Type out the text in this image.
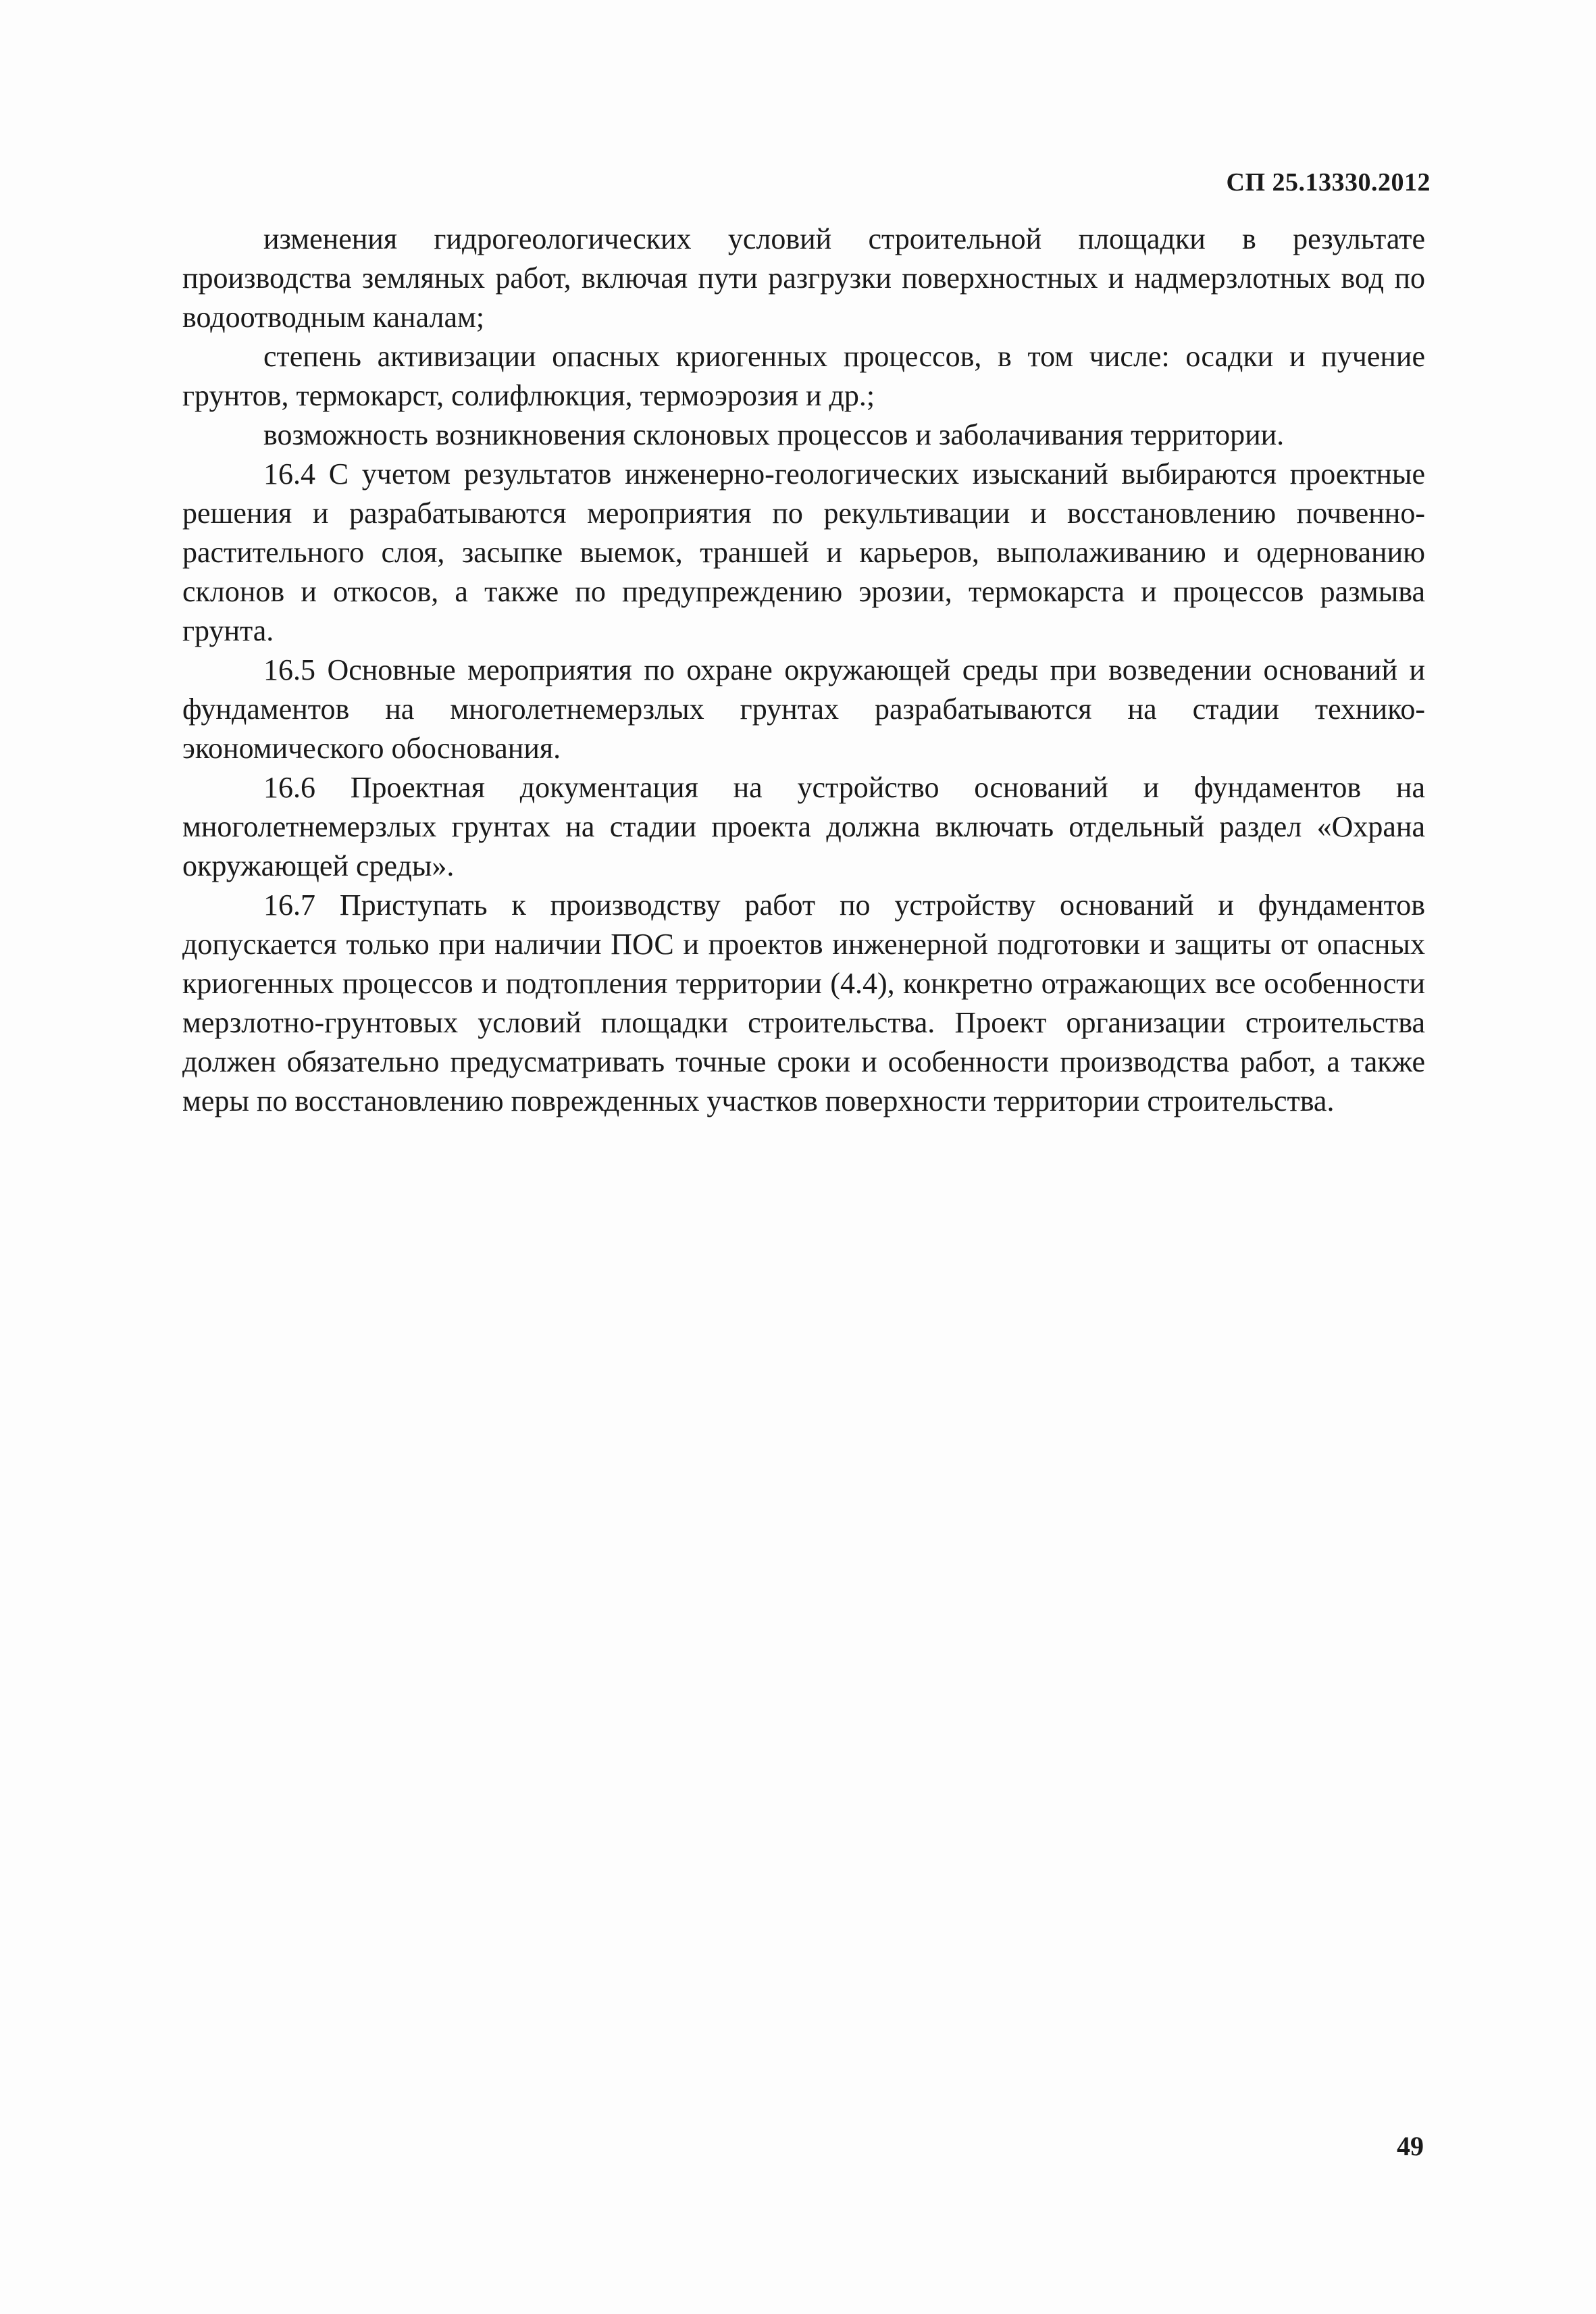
СП 25.13330.2012

изменения гидрогеологических условий строительной площадки в результате производства земляных работ, включая пути разгрузки поверхностных и надмерзлотных вод по водоотводным каналам;

степень активизации опасных криогенных процессов, в том числе: осадки и пучение грунтов, термокарст, солифлюкция, термоэрозия и др.;

возможность возникновения склоновых процессов и заболачивания территории.

16.4 С учетом результатов инженерно-геологических изысканий выбираются проектные решения и разрабатываются мероприятия по рекультивации и восстановлению почвенно-растительного слоя, засыпке выемок, траншей и карьеров, выполаживанию и одернованию склонов и откосов, а также по предупреждению эрозии, термокарста и процессов размыва грунта.

16.5 Основные мероприятия по охране окружающей среды при возведении оснований и фундаментов на многолетнемерзлых грунтах разрабатываются на стадии технико-экономического обоснования.

16.6 Проектная документация на устройство оснований и фундаментов на многолетнемерзлых грунтах на стадии проекта должна включать отдельный раздел «Охрана окружающей среды».

16.7 Приступать к производству работ по устройству оснований и фундаментов допускается только при наличии ПОС и проектов инженерной подготовки и защиты от опасных криогенных процессов и подтопления территории (4.4), конкретно отражающих все особенности мерзлотно-грунтовых условий площадки строительства. Проект организации строительства должен обязательно предусматривать точные сроки и особенности производства работ, а также меры по восстановлению поврежденных участков поверхности территории строительства.

49
